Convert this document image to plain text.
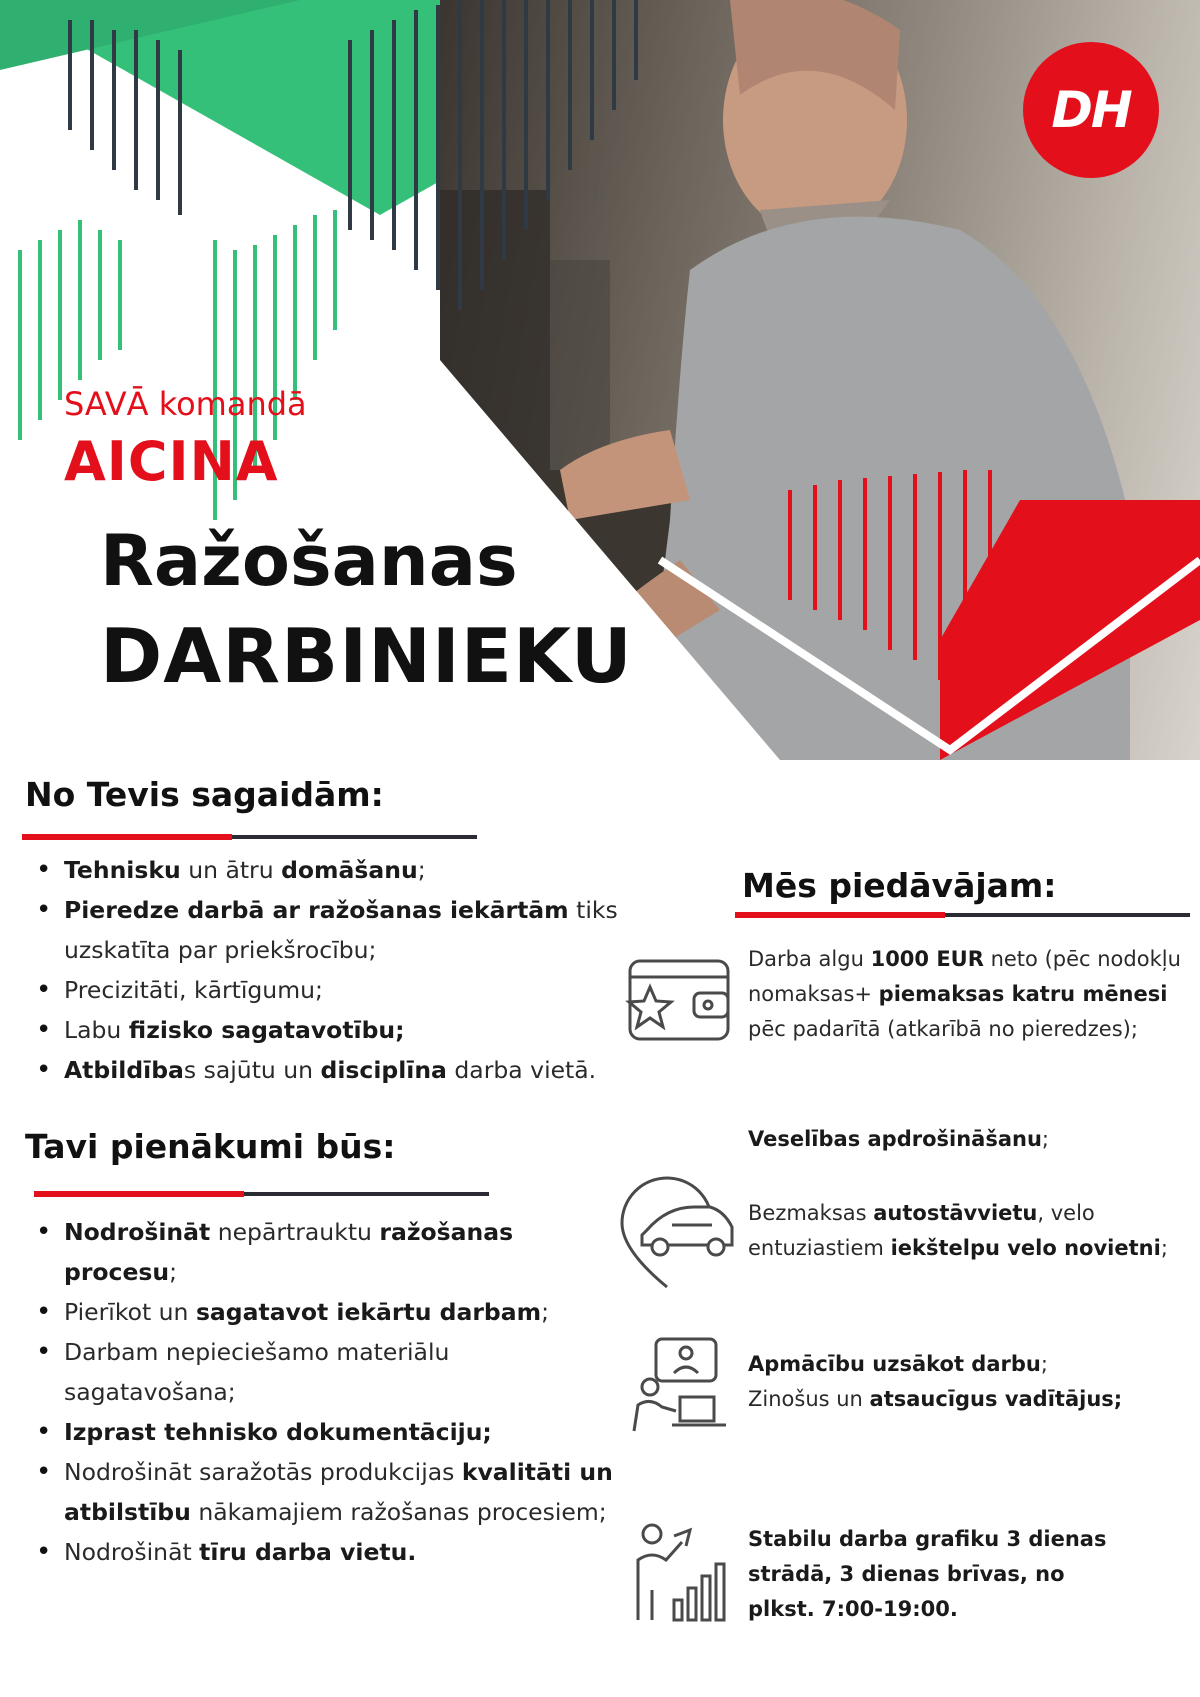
DH
SAVĀ komandā
AICINA
Ražošanas
DARBINIEKU
No Tevis sagaidām:
• Tehnisku un ātru domāšanu;
• Pieredze darbā ar ražošanas iekārtām tiks uzskatīta par priekšrocību;
• Precizitāti, kārtīgumu;
• Labu fizisko sagatavotību;
• Atbildības sajūtu un disciplīna darba vietā.
Tavi pienākumi būs:
• Nodrošināt nepārtrauktu ražošanas procesu;
• Pierīkot un sagatavot iekārtu darbam;
• Darbam nepieciešamo materiālu sagatavošana;
• Izprast tehnisko dokumentāciju;
• Nodrošināt saražotās produkcijas kvalitāti un atbilstību nākamajiem ražošanas procesiem;
• Nodrošināt tīru darba vietu.
Mēs piedāvājam:
Darba algu 1000 EUR neto (pēc nodokļu nomaksas+ piemaksas katru mēnesi pēc padarītā (atkarībā no pieredzes);
Veselības apdrošināšanu;
Bezmaksas autostāvvietu, velo entuziastiem iekštelpu velo novietni;
Apmācību uzsākot darbu;
Zinošus un atsaucīgus vadītājus;
Stabilu darba grafiku 3 dienas strādā, 3 dienas brīvas, no plkst. 7:00-19:00.
